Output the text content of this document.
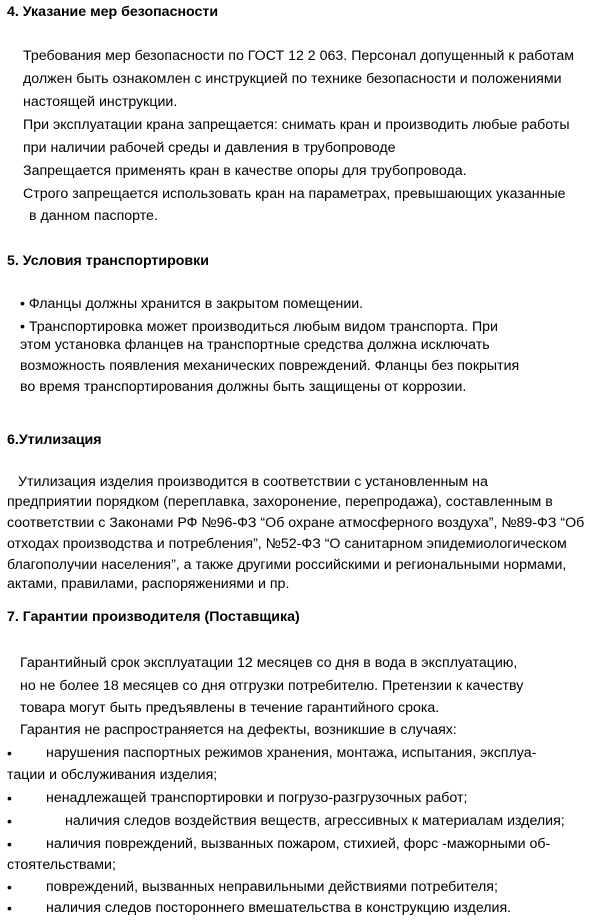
4. Указание мер безопасности
Требования мер безопасности по ГОСТ 12 2 063. Персонал допущенный к работам
должен быть ознакомлен с инструкцией по технике безопасности и положениями
настоящей инструкции.
При эксплуатации крана запрещается: снимать кран и производить любые работы
при наличии рабочей среды и давления в трубопроводе
Запрещается применять кран в качестве опоры для трубопровода.
Строго запрещается использовать кран на параметрах, превышающих указанные
в данном паспорте.
5. Условия транспортировки
• Фланцы должны хранится в закрытом помещении.
• Транспортировка может производиться любым видом транспорта. При
этом установка фланцев на транспортные средства должна исключать
возможность появления механических повреждений. Фланцы без покрытия
во время транспортирования должны быть защищены от коррозии.
6.Утилизация
Утилизация изделия производится в соответствии с установленным на
предприятии порядком (переплавка, захоронение, перепродажа), составленным в
соответствии с Законами РФ №96-ФЗ “Об охране атмосферного воздуха”, №89-ФЗ “Об
отходах производства и потребления”, №52-ФЗ “О санитарном эпидемиологическом
благополучии населения”, а также другими российскими и региональными нормами,
актами, правилами, распоряжениями и пр.
7. Гарантии производителя (Поставщика)
Гарантийный срок эксплуатации 12 месяцев со дня в вода в эксплуатацию,
но не более 18 месяцев со дня отгрузки потребителю. Претензии к качеству
товара могут быть предъявлены в течение гарантийного срока.
Гарантия не распространяется на дефекты, возникшие в случаях:
• нарушения паспортных режимов хранения, монтажа, испытания, эксплуа-
тации и обслуживания изделия;
• ненадлежащей транспортировки и погрузо-разгрузочных работ;
•	наличия следов воздействия веществ, агрессивных к материалам изделия;
• наличия повреждений, вызванных пожаром, стихией, форс -мажорными об-
стоятельствами;
• повреждений, вызванных неправильными действиями потребителя;
• наличия следов постороннего вмешательства в конструкцию изделия.
